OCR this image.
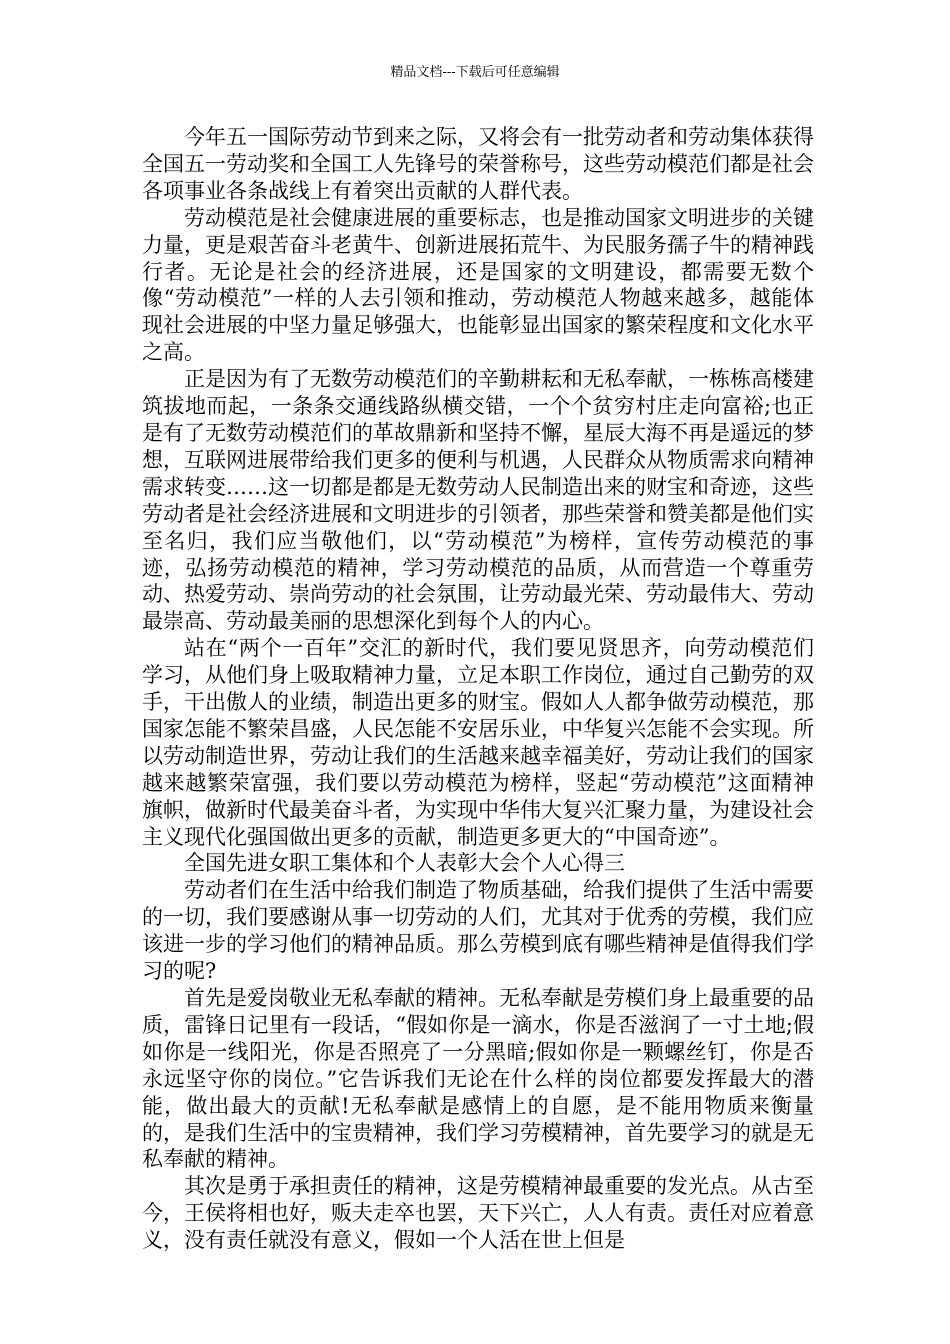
精品文档---下载后可任意编辑

今年五一国际劳动节到来之际，又将会有一批劳动者和劳动集体获得全国五一劳动奖和全国工人先锋号的荣誉称号，这些劳动模范们都是社会各项事业各条战线上有着突出贡献的人群代表。

劳动模范是社会健康进展的重要标志，也是推动国家文明进步的关键力量，更是艰苦奋斗老黄牛、创新进展拓荒牛、为民服务孺子牛的精神践行者。无论是社会的经济进展，还是国家的文明建设，都需要无数个像“劳动模范”一样的人去引领和推动，劳动模范人物越来越多，越能体现社会进展的中坚力量足够强大，也能彰显出国家的繁荣程度和文化水平之高。

正是因为有了无数劳动模范们的辛勤耕耘和无私奉献，一栋栋高楼建筑拔地而起，一条条交通线路纵横交错，一个个贫穷村庄走向富裕;也正是有了无数劳动模范们的革故鼎新和坚持不懈，星辰大海不再是遥远的梦想，互联网进展带给我们更多的便利与机遇，人民群众从物质需求向精神需求转变……这一切都是都是无数劳动人民制造出来的财宝和奇迹，这些劳动者是社会经济进展和文明进步的引领者，那些荣誉和赞美都是他们实至名归，我们应当敬他们，以“劳动模范”为榜样，宣传劳动模范的事迹，弘扬劳动模范的精神，学习劳动模范的品质，从而营造一个尊重劳动、热爱劳动、崇尚劳动的社会氛围，让劳动最光荣、劳动最伟大、劳动最崇高、劳动最美丽的思想深化到每个人的内心。

站在“两个一百年”交汇的新时代，我们要见贤思齐，向劳动模范们学习，从他们身上吸取精神力量，立足本职工作岗位，通过自己勤劳的双手，干出傲人的业绩，制造出更多的财宝。假如人人都争做劳动模范，那国家怎能不繁荣昌盛，人民怎能不安居乐业，中华复兴怎能不会实现。所以劳动制造世界，劳动让我们的生活越来越幸福美好，劳动让我们的国家越来越繁荣富强，我们要以劳动模范为榜样，竖起“劳动模范”这面精神旗帜，做新时代最美奋斗者，为实现中华伟大复兴汇聚力量，为建设社会主义现代化强国做出更多的贡献，制造更多更大的“中国奇迹”。

全国先进女职工集体和个人表彰大会个人心得三

劳动者们在生活中给我们制造了物质基础，给我们提供了生活中需要的一切，我们要感谢从事一切劳动的人们，尤其对于优秀的劳模，我们应该进一步的学习他们的精神品质。那么劳模到底有哪些精神是值得我们学习的呢?

首先是爱岗敬业无私奉献的精神。无私奉献是劳模们身上最重要的品质，雷锋日记里有一段话，“假如你是一滴水，你是否滋润了一寸土地;假如你是一线阳光，你是否照亮了一分黑暗;假如你是一颗螺丝钉，你是否永远坚守你的岗位。”它告诉我们无论在什么样的岗位都要发挥最大的潜能，做出最大的贡献!无私奉献是感情上的自愿，是不能用物质来衡量的，是我们生活中的宝贵精神，我们学习劳模精神，首先要学习的就是无私奉献的精神。

其次是勇于承担责任的精神，这是劳模精神最重要的发光点。从古至今，王侯将相也好，贩夫走卒也罢，天下兴亡，人人有责。责任对应着意义，没有责任就没有意义，假如一个人活在世上但是
